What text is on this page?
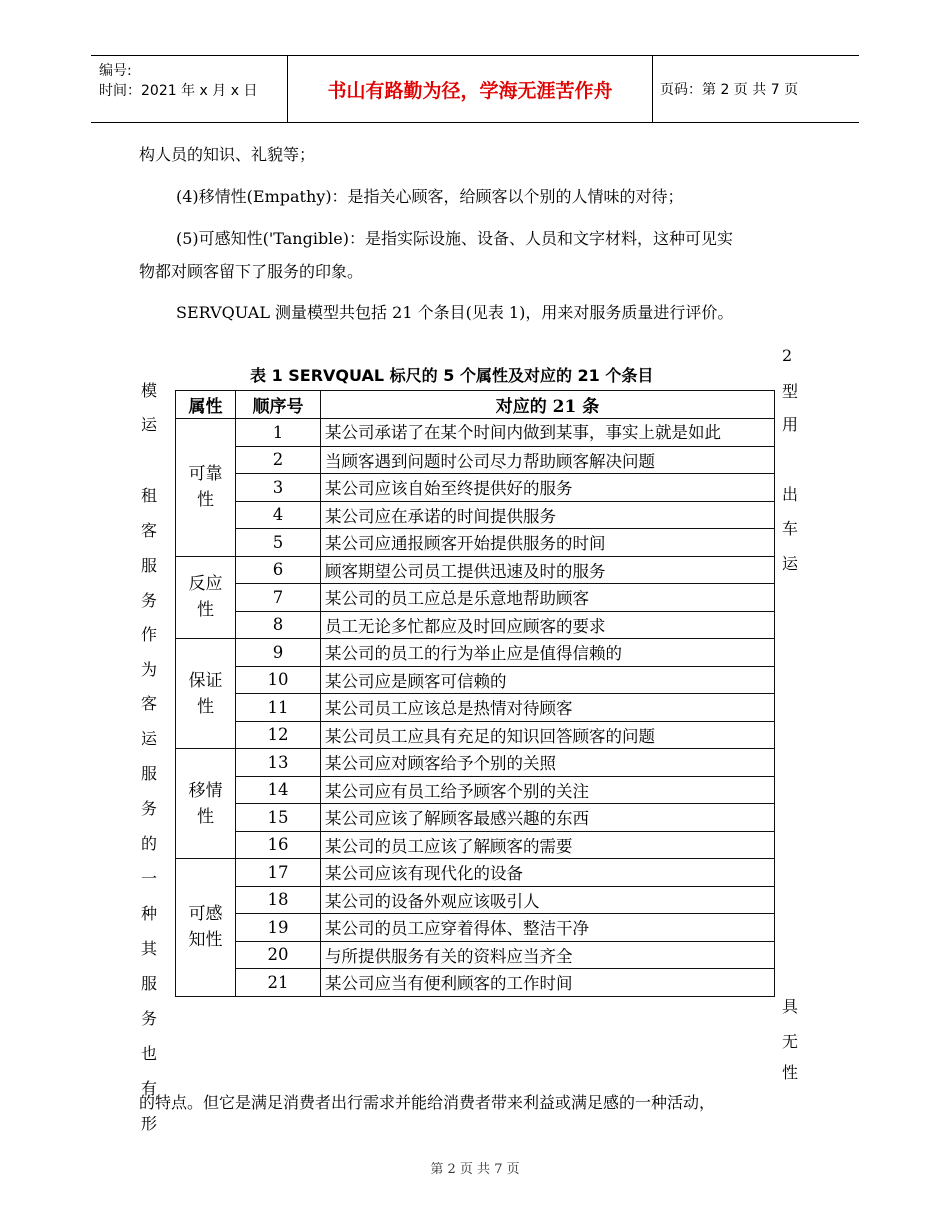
编号:
时间：2021 年 x 月 x 日	书山有路勤为径，学海无涯苦作舟	页码：第 2 页 共 7 页
构人员的知识、礼貌等；
(4)移情性(Empathy)：是指关心顾客，给顾客以个别的人情味的对待；
(5)可感知性('Tangible)：是指实际设施、设备、人员和文字材料，这种可见实
物都对顾客留下了服务的印象。
SERVQUAL 测量模型共包括 21 个条目(见表 1)，用来对服务质量进行评价。
表 1 SERVQUAL 标尺的 5 个属性及对应的 21 个条目
属性	顺序号	对应的 21 条

可靠
性	1	某公司承诺了在某个时间内做到某事，事实上就是如此

	2	当顾客遇到问题时公司尽力帮助顾客解决问题
	3	某公司应该自始至终提供好的服务
	4	某公司应在承诺的时间提供服务
	5	某公司应通报顾客开始提供服务的时间

反应
性	6	顾客期望公司员工提供迅速及时的服务
	7	某公司的员工应总是乐意地帮助顾客
	8	员工无论多忙都应及时回应顾客的要求

保证
性	9	某公司的员工的行为举止应是值得信赖的
	10	某公司应是顾客可信赖的
	11	某公司员工应该总是热情对待顾客
	12	某公司员工应具有充足的知识回答顾客的问题

移情
性	13	某公司应对顾客给予个别的关照
	14	某公司应有员工给予顾客个别的关注
	15	某公司应该了解顾客最感兴趣的东西
	16	某公司的员工应该了解顾客的需要

可感
知性	17	某公司应该有现代化的设备
	18	某公司的设备外观应该吸引人
	19	某公司的员工应穿着得体、整洁干净
	20	与所提供服务有关的资料应当齐全
	21	某公司应当有便利顾客的工作时间
模
运
租
客
服
务
作
为
客
运
服
务
的
一
种
其
服
务
也
有
形
2
型
用
出
车
运
具
无
性
的特点。但它是满足消费者出行需求并能给消费者带来利益或满足感的一种活动，
第 2 页 共 7 页
